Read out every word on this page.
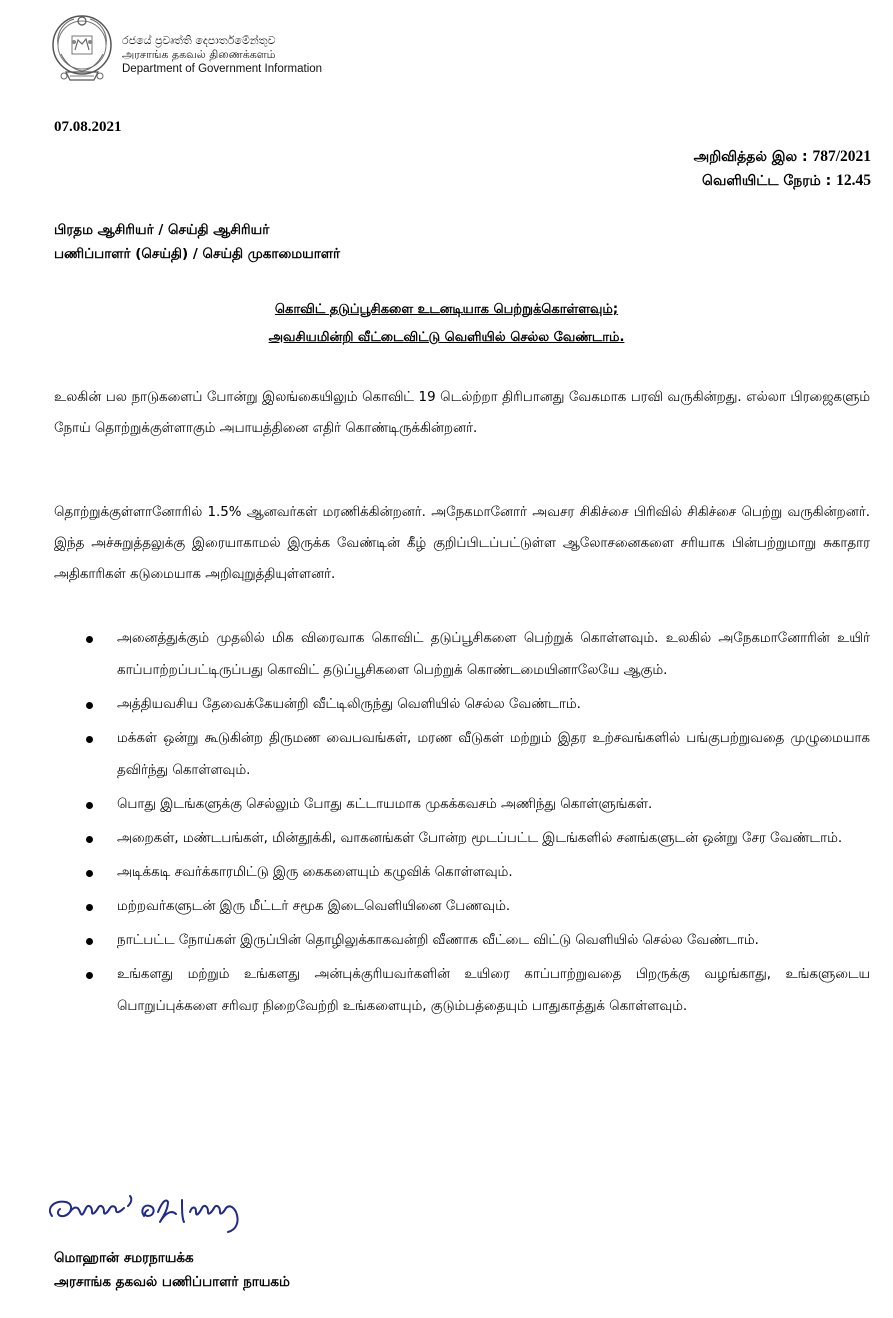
රජයේ ප්‍රවෘත්ති දෙපාර්තමේන්තුව
அரசாங்க தகவல் திணைக்களம்
Department of Government Information
07.08.2021
அறிவித்தல் இல : 787/2021
வெளியிட்ட நேரம் : 12.45
பிரதம ஆசிரியர் / செய்தி ஆசிரியர்
பணிப்பாளர் (செய்தி) / செய்தி முகாமையாளர்
கொவிட் தடுப்பூசிகளை உடனடியாக பெற்றுக்கொள்ளவும்;
அவசியமின்றி வீட்டைவிட்டு வெளியில் செல்ல வேண்டாம்.
உலகின் பல நாடுகளைப் போன்று இலங்கையிலும் கொவிட் 19 டெல்ற்றா திரிபானது வேகமாக பரவி வருகின்றது. எல்லா பிரஜைகளும் நோய் தொற்றுக்குள்ளாகும் அபாயத்தினை எதிர் கொண்டிருக்கின்றனர்.
தொற்றுக்குள்ளானோரில் 1.5% ஆனவர்கள் மரணிக்கின்றனர். அநேகமானோர் அவசர சிகிச்சை பிரிவில் சிகிச்சை பெற்று வருகின்றனர். இந்த அச்சுறுத்தலுக்கு இரையாகாமல் இருக்க வேண்டின் கீழ் குறிப்பிடப்பட்டுள்ள ஆலோசனைகளை சரியாக பின்பற்றுமாறு சுகாதார அதிகாரிகள் கடுமையாக அறிவுறுத்தியுள்ளனர்.
அனைத்துக்கும் முதலில் மிக விரைவாக கொவிட் தடுப்பூசிகளை பெற்றுக் கொள்ளவும். உலகில் அநேகமானோரின் உயிர் காப்பாற்றப்பட்டிருப்பது கொவிட் தடுப்பூசிகளை பெற்றுக் கொண்டமையினாலேயே ஆகும்.
அத்தியவசிய தேவைக்கேயன்றி வீட்டிலிருந்து வெளியில் செல்ல வேண்டாம்.
மக்கள் ஒன்று கூடுகின்ற திருமண வைபவங்கள், மரண வீடுகள் மற்றும் இதர உற்சவங்களில் பங்குபற்றுவதை முழுமையாக தவிர்ந்து கொள்ளவும்.
பொது இடங்களுக்கு செல்லும் போது கட்டாயமாக முகக்கவசம் அணிந்து கொள்ளுங்கள்.
அறைகள், மண்டபங்கள், மின்தூக்கி, வாகனங்கள் போன்ற மூடப்பட்ட இடங்களில் சனங்களுடன் ஒன்று சேர வேண்டாம்.
அடிக்கடி சவர்க்காரமிட்டு இரு கைகளையும் கழுவிக் கொள்ளவும்.
மற்றவர்களுடன் இரு மீட்டர் சமூக இடைவெளியினை பேணவும்.
நாட்பட்ட நோய்கள் இருப்பின் தொழிலுக்காகவன்றி வீணாக வீட்டை விட்டு வெளியில் செல்ல வேண்டாம்.
உங்களது மற்றும் உங்களது அன்புக்குரியவர்களின் உயிரை காப்பாற்றுவதை பிறருக்கு வழங்காது, உங்களுடைய பொறுப்புக்களை சரிவர நிறைவேற்றி உங்களையும், குடும்பத்தையும் பாதுகாத்துக் கொள்ளவும்.
மொஹான் சமரநாயக்க
அரசாங்க தகவல் பணிப்பாளர் நாயகம்
